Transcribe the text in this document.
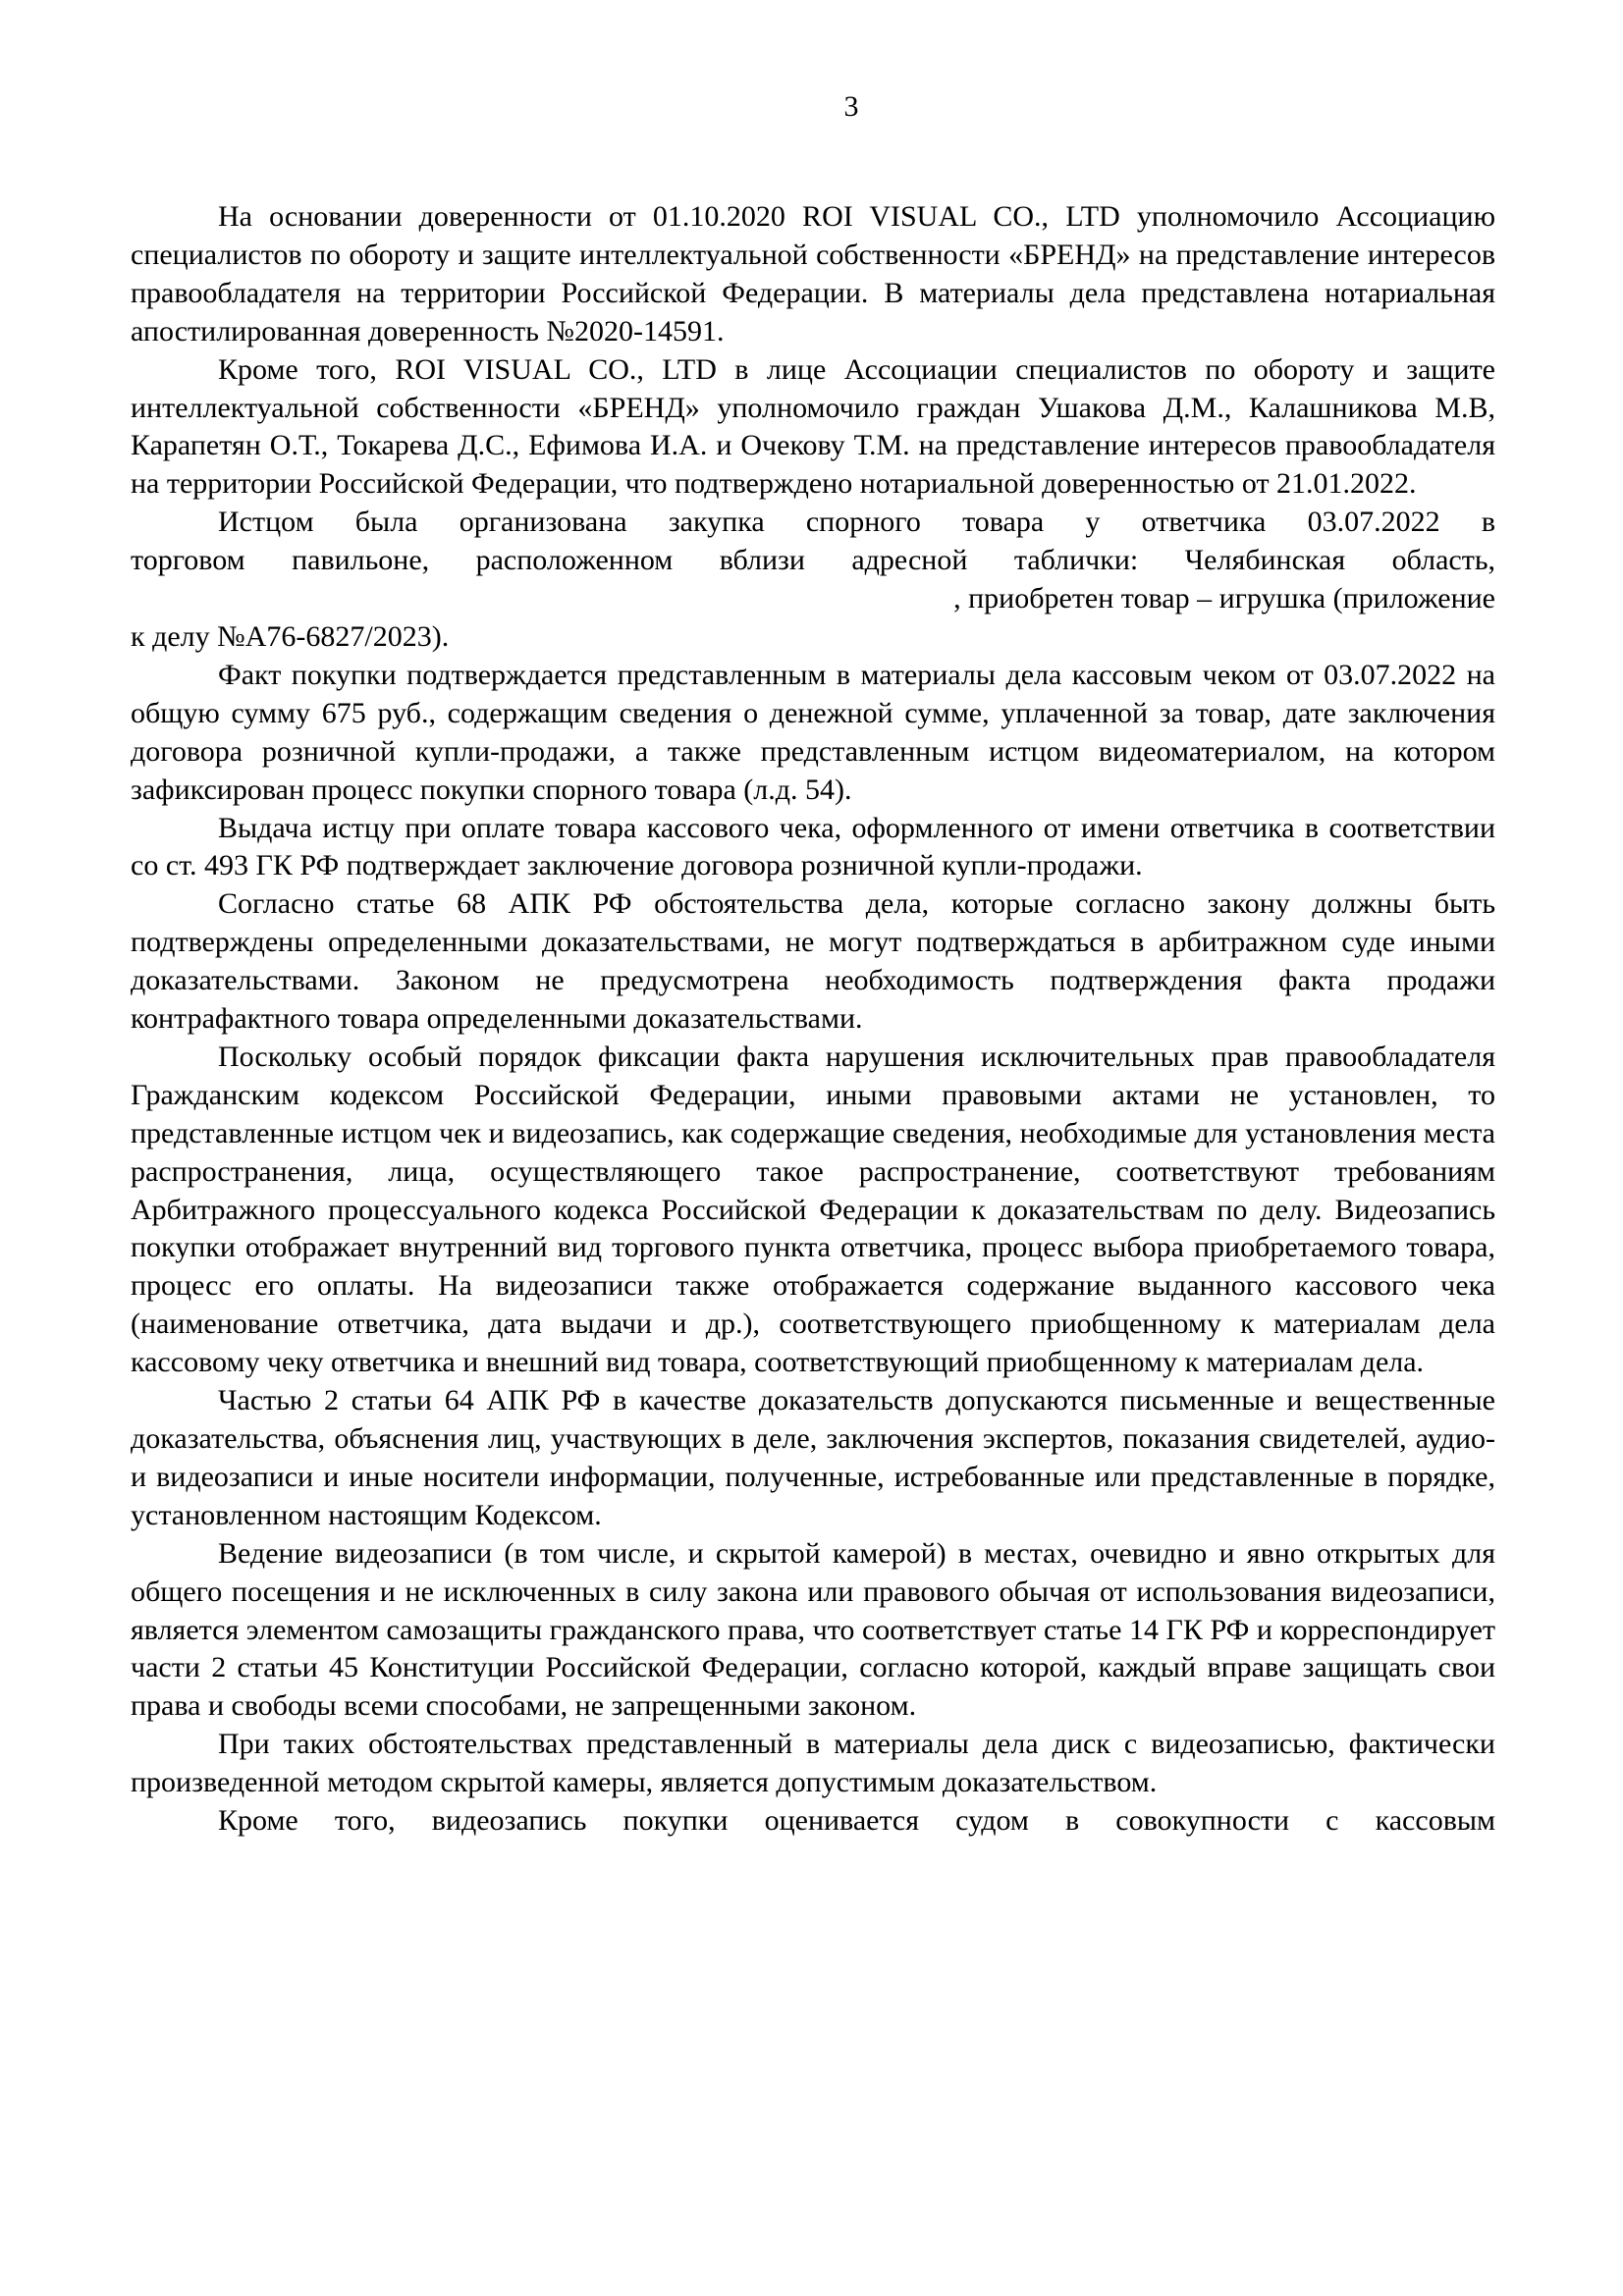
3

На основании доверенности от 01.10.2020 ROI VISUAL CO., LTD уполномочило Ассоциацию специалистов по обороту и защите интеллектуальной собственности «БРЕНД» на представление интересов правообладателя на территории Российской Федерации. В материалы дела представлена нотариальная апостилированная доверенность №2020-14591.

Кроме того, ROI VISUAL CO., LTD в лице Ассоциации специалистов по обороту и защите интеллектуальной собственности «БРЕНД» уполномочило граждан Ушакова Д.М., Калашникова М.В, Карапетян О.Т., Токарева Д.С., Ефимова И.А. и Очекову Т.М. на представление интересов правообладателя на территории Российской Федерации, что подтверждено нотариальной доверенностью от 21.01.2022.

Истцом была организована закупка спорного товара у ответчика 03.07.2022 в
торговом павильоне, расположенном вблизи адресной таблички: Челябинская область,
, приобретен товар – игрушка (приложение
к делу №А76-6827/2023).

Факт покупки подтверждается представленным в материалы дела кассовым чеком от 03.07.2022 на общую сумму 675 руб., содержащим сведения о денежной сумме, уплаченной за товар, дате заключения договора розничной купли-продажи, а также представленным истцом видеоматериалом, на котором зафиксирован процесс покупки спорного товара (л.д. 54).

Выдача истцу при оплате товара кассового чека, оформленного от имени ответчика в соответствии со ст. 493 ГК РФ подтверждает заключение договора розничной купли-продажи.

Согласно статье 68 АПК РФ обстоятельства дела, которые согласно закону должны быть подтверждены определенными доказательствами, не могут подтверждаться в арбитражном суде иными доказательствами. Законом не предусмотрена необходимость подтверждения факта продажи контрафактного товара определенными доказательствами.

Поскольку особый порядок фиксации факта нарушения исключительных прав правообладателя Гражданским кодексом Российской Федерации, иными правовыми актами не установлен, то представленные истцом чек и видеозапись, как содержащие сведения, необходимые для установления места распространения, лица, осуществляющего такое распространение, соответствуют требованиям Арбитражного процессуального кодекса Российской Федерации к доказательствам по делу. Видеозапись покупки отображает внутренний вид торгового пункта ответчика, процесс выбора приобретаемого товара, процесс его оплаты. На видеозаписи также отображается содержание выданного кассового чека (наименование ответчика, дата выдачи и др.), соответствующего приобщенному к материалам дела кассовому чеку ответчика и внешний вид товара, соответствующий приобщенному к материалам дела.

Частью 2 статьи 64 АПК РФ в качестве доказательств допускаются письменные и вещественные доказательства, объяснения лиц, участвующих в деле, заключения экспертов, показания свидетелей, аудио- и видеозаписи и иные носители информации, полученные, истребованные или представленные в порядке, установленном настоящим Кодексом.

Ведение видеозаписи (в том числе, и скрытой камерой) в местах, очевидно и явно открытых для общего посещения и не исключенных в силу закона или правового обычая от использования видеозаписи, является элементом самозащиты гражданского права, что соответствует статье 14 ГК РФ и корреспондирует части 2 статьи 45 Конституции Российской Федерации, согласно которой, каждый вправе защищать свои права и свободы всеми способами, не запрещенными законом.

При таких обстоятельствах представленный в материалы дела диск с видеозаписью, фактически произведенной методом скрытой камеры, является допустимым доказательством.

Кроме того, видеозапись покупки оценивается судом в совокупности с кассовым
